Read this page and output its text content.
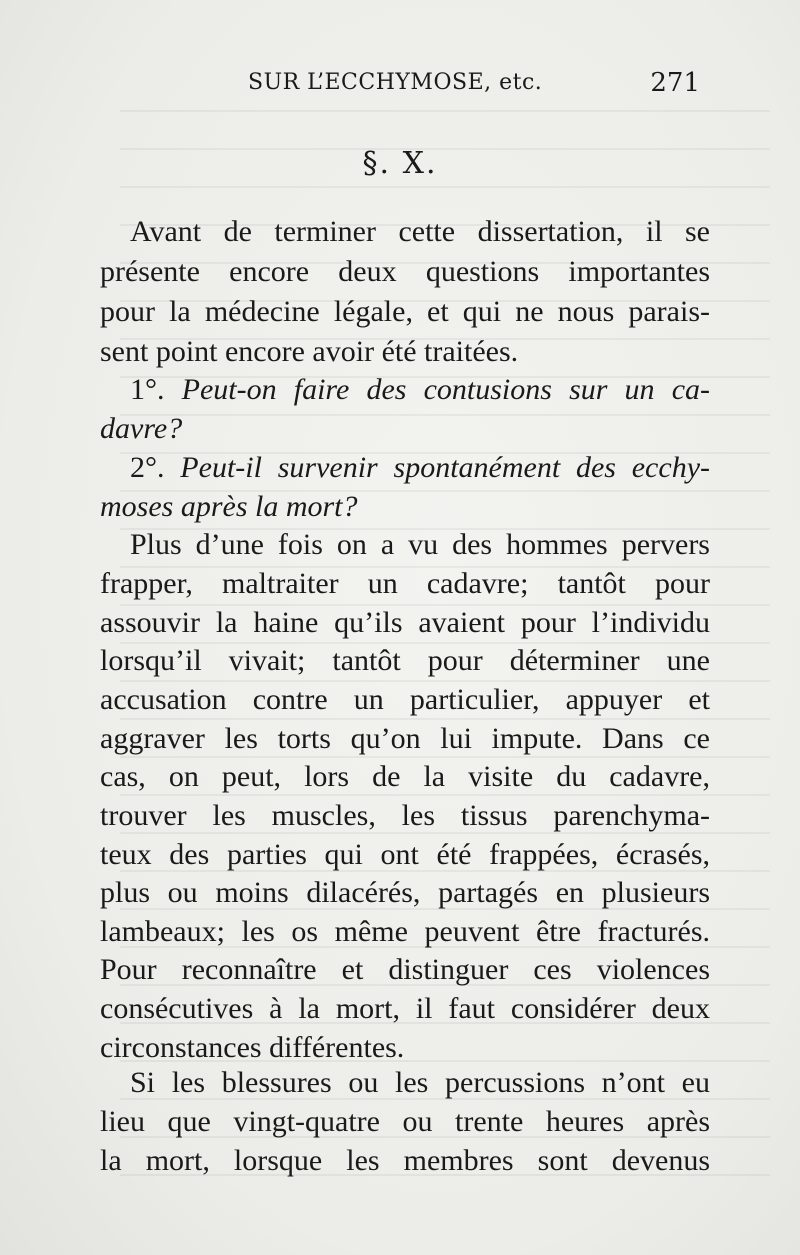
SUR L’ECCHYMOSE, etc.	271
§. X.
Avant de terminer cette dissertation, il se
présente encore deux questions importantes
pour la médecine légale, et qui ne nous parais-
sent point encore avoir été traitées.
1°. Peut-on faire des contusions sur un ca-
davre?
2°. Peut-il survenir spontanément des ecchy-
moses après la mort?
Plus d’une fois on a vu des hommes pervers
frapper, maltraiter un cadavre; tantôt pour
assouvir la haine qu’ils avaient pour l’individu
lorsqu’il vivait; tantôt pour déterminer une
accusation contre un particulier, appuyer et
aggraver les torts qu’on lui impute. Dans ce
cas, on peut, lors de la visite du cadavre,
trouver les muscles, les tissus parenchyma-
teux des parties qui ont été frappées, écrasés,
plus ou moins dilacérés, partagés en plusieurs
lambeaux; les os même peuvent être fracturés.
Pour reconnaître et distinguer ces violences
consécutives à la mort, il faut considérer deux
circonstances différentes.
Si les blessures ou les percussions n’ont eu
lieu que vingt-quatre ou trente heures après
la mort, lorsque les membres sont devenus
